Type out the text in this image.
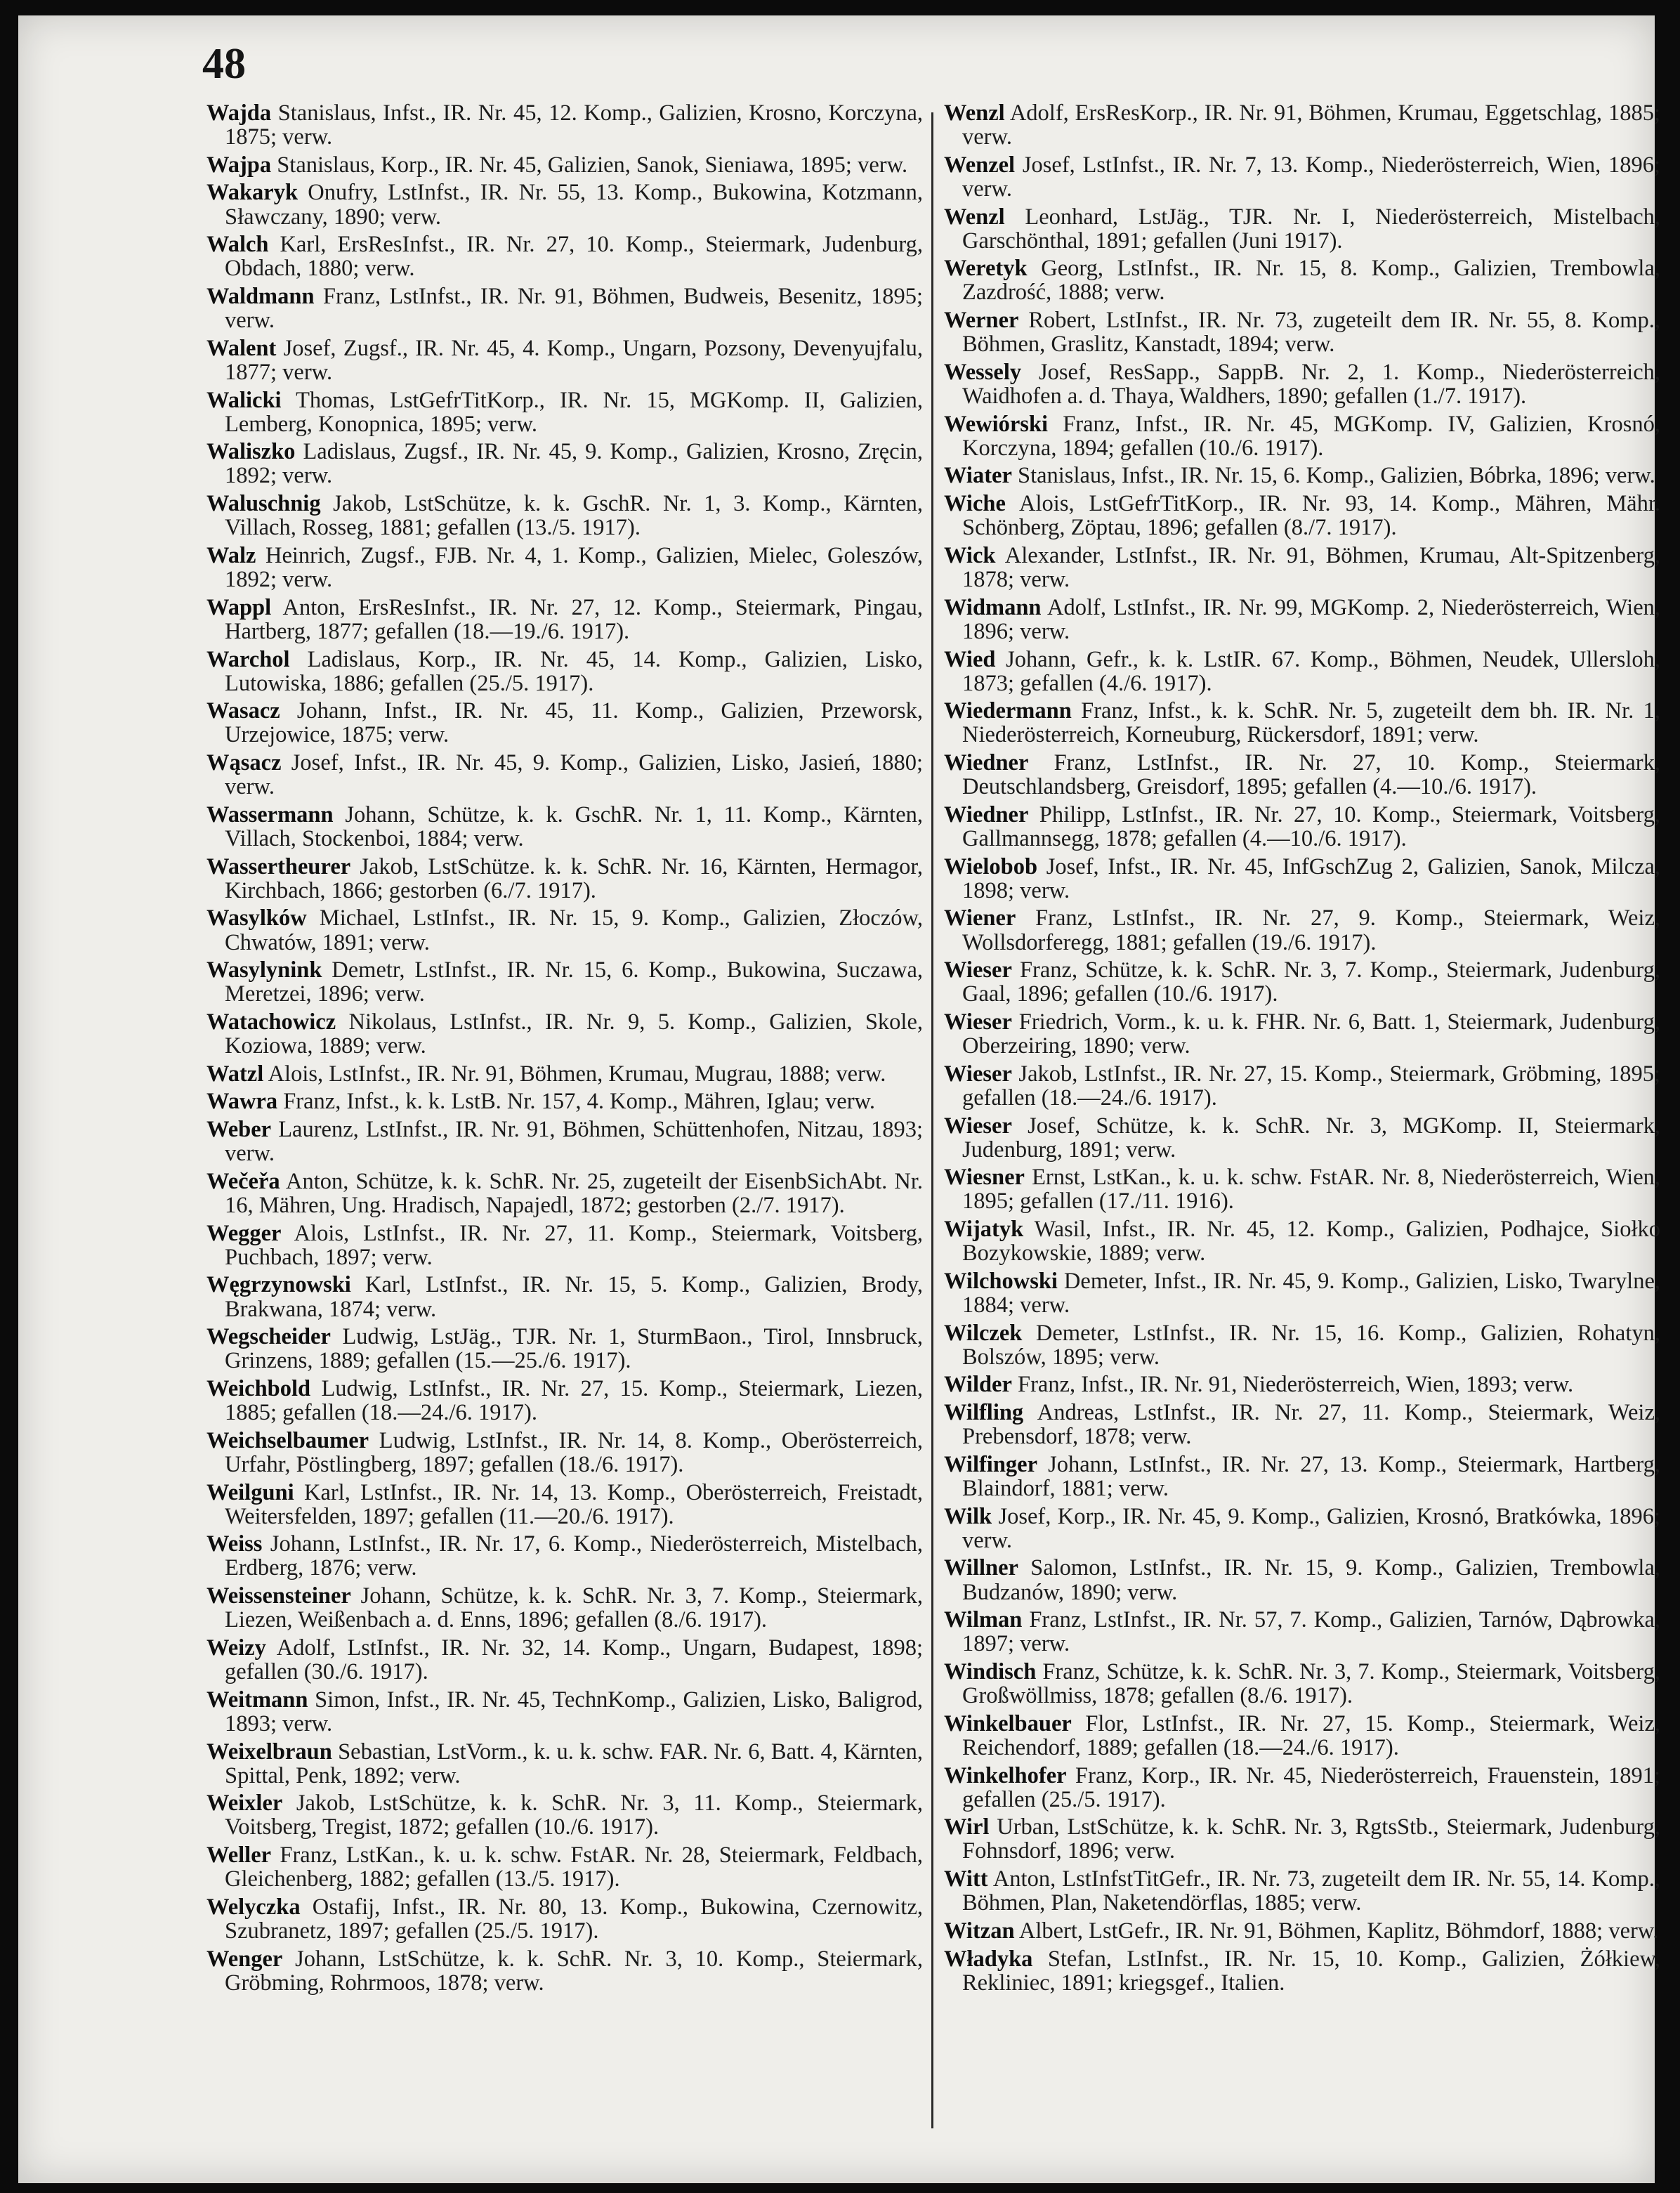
48

Wajda Stanislaus, Infst., IR. Nr. 45, 12. Komp., Galizien, Krosno, Korczyna, 1875; verw.

Wajpa Stanislaus, Korp., IR. Nr. 45, Galizien, Sanok, Sieniawa, 1895; verw.

Wakaryk Onufry, LstInfst., IR. Nr. 55, 13. Komp., Bukowina, Kotzmann, Sławczany, 1890; verw.

Walch Karl, ErsResInfst., IR. Nr. 27, 10. Komp., Steiermark, Judenburg, Obdach, 1880; verw.

Waldmann Franz, LstInfst., IR. Nr. 91, Böhmen, Budweis, Besenitz, 1895; verw.

Walent Josef, Zugsf., IR. Nr. 45, 4. Komp., Ungarn, Pozsony, Devenyujfalu, 1877; verw.

Walicki Thomas, LstGefrTitKorp., IR. Nr. 15, MGKomp. II, Galizien, Lemberg, Konopnica, 1895; verw.

Waliszko Ladislaus, Zugsf., IR. Nr. 45, 9. Komp., Galizien, Krosno, Zręcin, 1892; verw.

Waluschnig Jakob, LstSchütze, k. k. GschR. Nr. 1, 3. Komp., Kärnten, Villach, Rosseg, 1881; gefallen (13./5. 1917).

Walz Heinrich, Zugsf., FJB. Nr. 4, 1. Komp., Galizien, Mielec, Goleszów, 1892; verw.

Wappl Anton, ErsResInfst., IR. Nr. 27, 12. Komp., Steiermark, Pingau, Hartberg, 1877; gefallen (18.—19./6. 1917).

Warchol Ladislaus, Korp., IR. Nr. 45, 14. Komp., Galizien, Lisko, Lutowiska, 1886; gefallen (25./5. 1917).

Wasacz Johann, Infst., IR. Nr. 45, 11. Komp., Galizien, Przeworsk, Urzejowice, 1875; verw.

Wąsacz Josef, Infst., IR. Nr. 45, 9. Komp., Galizien, Lisko, Jasień, 1880; verw.

Wassermann Johann, Schütze, k. k. GschR. Nr. 1, 11. Komp., Kärnten, Villach, Stockenboi, 1884; verw.

Wassertheurer Jakob, LstSchütze. k. k. SchR. Nr. 16, Kärnten, Hermagor, Kirchbach, 1866; gestorben (6./7. 1917).

Wasylków Michael, LstInfst., IR. Nr. 15, 9. Komp., Galizien, Złoczów, Chwatów, 1891; verw.

Wasylynink Demetr, LstInfst., IR. Nr. 15, 6. Komp., Bukowina, Suczawa, Meretzei, 1896; verw.

Watachowicz Nikolaus, LstInfst., IR. Nr. 9, 5. Komp., Galizien, Skole, Koziowa, 1889; verw.

Watzl Alois, LstInfst., IR. Nr. 91, Böhmen, Krumau, Mugrau, 1888; verw.

Wawra Franz, Infst., k. k. LstB. Nr. 157, 4. Komp., Mähren, Iglau; verw.

Weber Laurenz, LstInfst., IR. Nr. 91, Böhmen, Schüttenhofen, Nitzau, 1893; verw.

Wečeřa Anton, Schütze, k. k. SchR. Nr. 25, zugeteilt der EisenbSichAbt. Nr. 16, Mähren, Ung. Hradisch, Napajedl, 1872; gestorben (2./7. 1917).

Wegger Alois, LstInfst., IR. Nr. 27, 11. Komp., Steiermark, Voitsberg, Puchbach, 1897; verw.

Węgrzynowski Karl, LstInfst., IR. Nr. 15, 5. Komp., Galizien, Brody, Brakwana, 1874; verw.

Wegscheider Ludwig, LstJäg., TJR. Nr. 1, SturmBaon., Tirol, Innsbruck, Grinzens, 1889; gefallen (15.—25./6. 1917).

Weichbold Ludwig, LstInfst., IR. Nr. 27, 15. Komp., Steiermark, Liezen, 1885; gefallen (18.—24./6. 1917).

Weichselbaumer Ludwig, LstInfst., IR. Nr. 14, 8. Komp., Oberösterreich, Urfahr, Pöstlingberg, 1897; gefallen (18./6. 1917).

Weilguni Karl, LstInfst., IR. Nr. 14, 13. Komp., Oberösterreich, Freistadt, Weitersfelden, 1897; gefallen (11.—20./6. 1917).

Weiss Johann, LstInfst., IR. Nr. 17, 6. Komp., Niederösterreich, Mistelbach, Erdberg, 1876; verw.

Weissensteiner Johann, Schütze, k. k. SchR. Nr. 3, 7. Komp., Steiermark, Liezen, Weißenbach a. d. Enns, 1896; gefallen (8./6. 1917).

Weizy Adolf, LstInfst., IR. Nr. 32, 14. Komp., Ungarn, Budapest, 1898; gefallen (30./6. 1917).

Weitmann Simon, Infst., IR. Nr. 45, TechnKomp., Galizien, Lisko, Baligrod, 1893; verw.

Weixelbraun Sebastian, LstVorm., k. u. k. schw. FAR. Nr. 6, Batt. 4, Kärnten, Spittal, Penk, 1892; verw.

Weixler Jakob, LstSchütze, k. k. SchR. Nr. 3, 11. Komp., Steiermark, Voitsberg, Tregist, 1872; gefallen (10./6. 1917).

Weller Franz, LstKan., k. u. k. schw. FstAR. Nr. 28, Steiermark, Feldbach, Gleichenberg, 1882; gefallen (13./5. 1917).

Welyczka Ostafij, Infst., IR. Nr. 80, 13. Komp., Bukowina, Czernowitz, Szubranetz, 1897; gefallen (25./5. 1917).

Wenger Johann, LstSchütze, k. k. SchR. Nr. 3, 10. Komp., Steiermark, Gröbming, Rohrmoos, 1878; verw.

Wenzl Adolf, ErsResKorp., IR. Nr. 91, Böhmen, Krumau, Eggetschlag, 1885; verw.

Wenzel Josef, LstInfst., IR. Nr. 7, 13. Komp., Niederösterreich, Wien, 1896; verw.

Wenzl Leonhard, LstJäg., TJR. Nr. I, Niederösterreich, Mistelbach, Garschönthal, 1891; gefallen (Juni 1917).

Weretyk Georg, LstInfst., IR. Nr. 15, 8. Komp., Galizien, Trembowla, Zazdrość, 1888; verw.

Werner Robert, LstInfst., IR. Nr. 73, zugeteilt dem IR. Nr. 55, 8. Komp., Böhmen, Graslitz, Kanstadt, 1894; verw.

Wessely Josef, ResSapp., SappB. Nr. 2, 1. Komp., Niederösterreich, Waidhofen a. d. Thaya, Waldhers, 1890; gefallen (1./7. 1917).

Wewiórski Franz, Infst., IR. Nr. 45, MGKomp. IV, Galizien, Krosnó, Korczyna, 1894; gefallen (10./6. 1917).

Wiater Stanislaus, Infst., IR. Nr. 15, 6. Komp., Galizien, Bóbrka, 1896; verw.

Wiche Alois, LstGefrTitKorp., IR. Nr. 93, 14. Komp., Mähren, Mähr. Schönberg, Zöptau, 1896; gefallen (8./7. 1917).

Wick Alexander, LstInfst., IR. Nr. 91, Böhmen, Krumau, Alt-Spitzenberg, 1878; verw.

Widmann Adolf, LstInfst., IR. Nr. 99, MGKomp. 2, Niederösterreich, Wien, 1896; verw.

Wied Johann, Gefr., k. k. LstIR. 67. Komp., Böhmen, Neudek, Ullersloh, 1873; gefallen (4./6. 1917).

Wiedermann Franz, Infst., k. k. SchR. Nr. 5, zugeteilt dem bh. IR. Nr. 1, Niederösterreich, Korneuburg, Rückersdorf, 1891; verw.

Wiedner Franz, LstInfst., IR. Nr. 27, 10. Komp., Steiermark, Deutschlandsberg, Greisdorf, 1895; gefallen (4.—10./6. 1917).

Wiedner Philipp, LstInfst., IR. Nr. 27, 10. Komp., Steiermark, Voitsberg, Gallmannsegg, 1878; gefallen (4.—10./6. 1917).

Wielobob Josef, Infst., IR. Nr. 45, InfGschZug 2, Galizien, Sanok, Milcza, 1898; verw.

Wiener Franz, LstInfst., IR. Nr. 27, 9. Komp., Steiermark, Weiz, Wollsdorferegg, 1881; gefallen (19./6. 1917).

Wieser Franz, Schütze, k. k. SchR. Nr. 3, 7. Komp., Steiermark, Judenburg, Gaal, 1896; gefallen (10./6. 1917).

Wieser Friedrich, Vorm., k. u. k. FHR. Nr. 6, Batt. 1, Steiermark, Judenburg, Oberzeiring, 1890; verw.

Wieser Jakob, LstInfst., IR. Nr. 27, 15. Komp., Steiermark, Gröbming, 1895; gefallen (18.—24./6. 1917).

Wieser Josef, Schütze, k. k. SchR. Nr. 3, MGKomp. II, Steiermark, Judenburg, 1891; verw.

Wiesner Ernst, LstKan., k. u. k. schw. FstAR. Nr. 8, Niederösterreich, Wien, 1895; gefallen (17./11. 1916).

Wijatyk Wasil, Infst., IR. Nr. 45, 12. Komp., Galizien, Podhajce, Siołko Bozykowskie, 1889; verw.

Wilchowski Demeter, Infst., IR. Nr. 45, 9. Komp., Galizien, Lisko, Twarylne, 1884; verw.

Wilczek Demeter, LstInfst., IR. Nr. 15, 16. Komp., Galizien, Rohatyn, Bolszów, 1895; verw.

Wilder Franz, Infst., IR. Nr. 91, Niederösterreich, Wien, 1893; verw.

Wilfling Andreas, LstInfst., IR. Nr. 27, 11. Komp., Steiermark, Weiz, Prebensdorf, 1878; verw.

Wilfinger Johann, LstInfst., IR. Nr. 27, 13. Komp., Steiermark, Hartberg, Blaindorf, 1881; verw.

Wilk Josef, Korp., IR. Nr. 45, 9. Komp., Galizien, Krosnó, Bratkówka, 1896; verw.

Willner Salomon, LstInfst., IR. Nr. 15, 9. Komp., Galizien, Trembowla, Budzanów, 1890; verw.

Wilman Franz, LstInfst., IR. Nr. 57, 7. Komp., Galizien, Tarnów, Dąbrowka, 1897; verw.

Windisch Franz, Schütze, k. k. SchR. Nr. 3, 7. Komp., Steiermark, Voitsberg, Großwöllmiss, 1878; gefallen (8./6. 1917).

Winkelbauer Flor, LstInfst., IR. Nr. 27, 15. Komp., Steiermark, Weiz, Reichendorf, 1889; gefallen (18.—24./6. 1917).

Winkelhofer Franz, Korp., IR. Nr. 45, Niederösterreich, Frauenstein, 1891; gefallen (25./5. 1917).

Wirl Urban, LstSchütze, k. k. SchR. Nr. 3, RgtsStb., Steiermark, Judenburg, Fohnsdorf, 1896; verw.

Witt Anton, LstInfstTitGefr., IR. Nr. 73, zugeteilt dem IR. Nr. 55, 14. Komp., Böhmen, Plan, Naketendörflas, 1885; verw.

Witzan Albert, LstGefr., IR. Nr. 91, Böhmen, Kaplitz, Böhmdorf, 1888; verw.

Władyka Stefan, LstInfst., IR. Nr. 15, 10. Komp., Galizien, Żółkiew, Rekliniec, 1891; kriegsgef., Italien.
